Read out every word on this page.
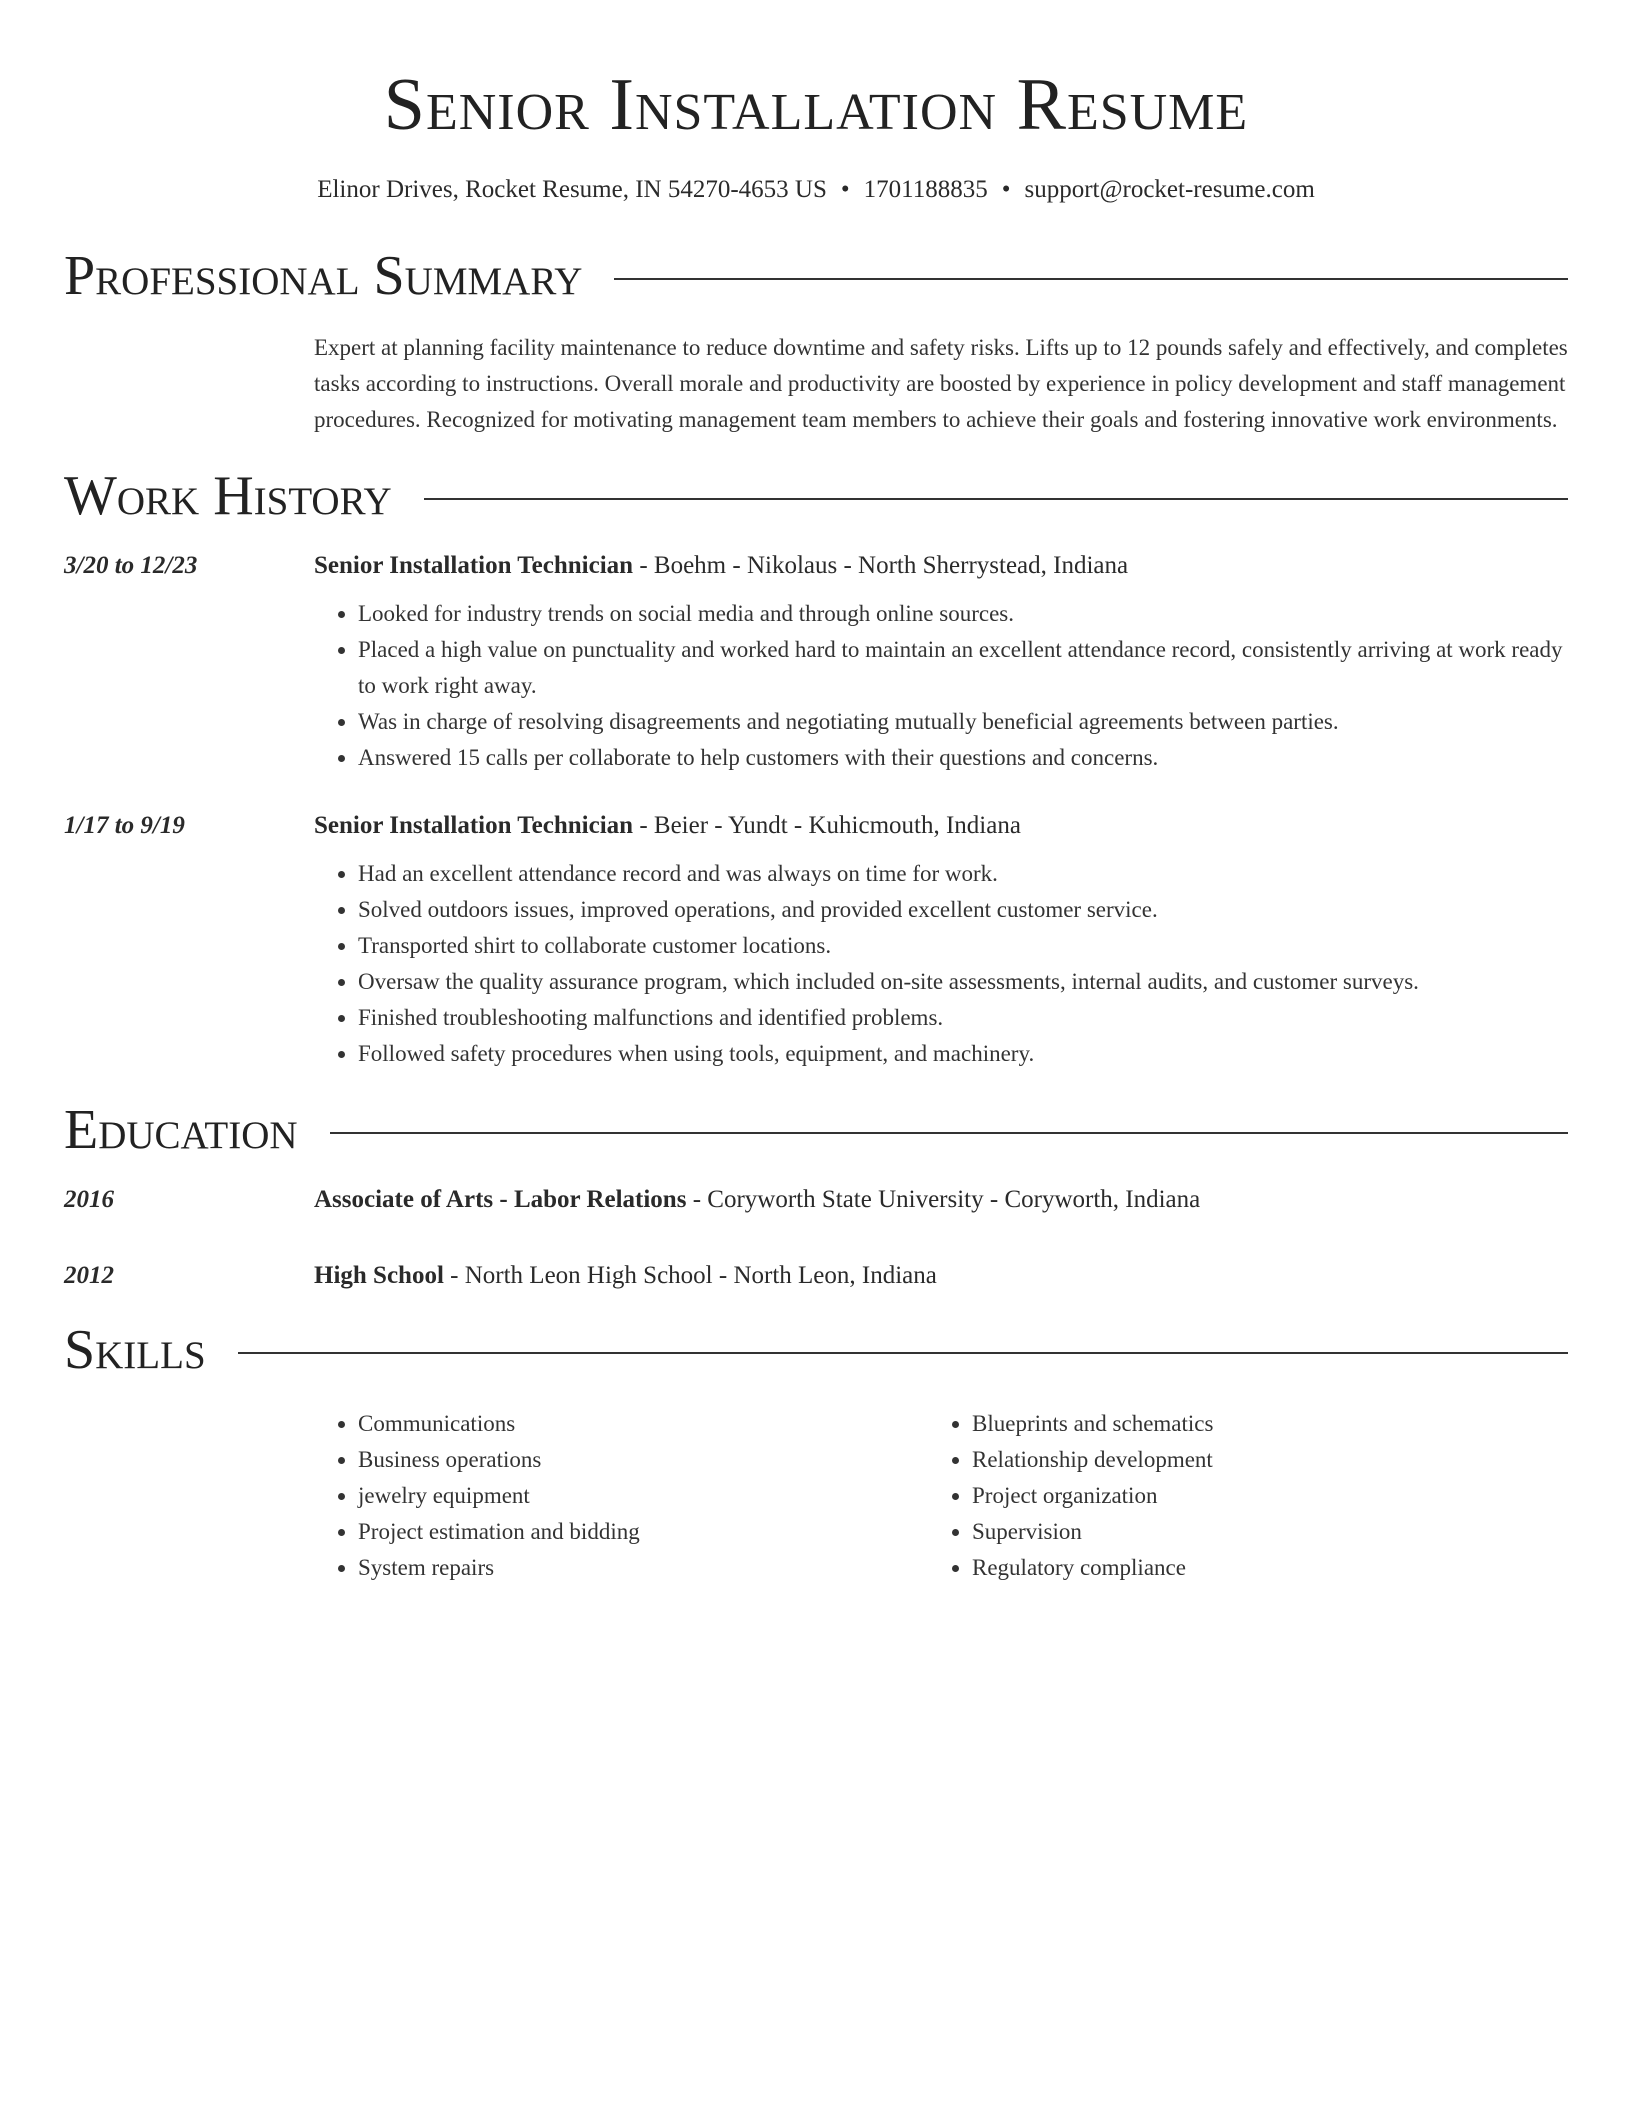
Senior Installation Resume
Elinor Drives, Rocket Resume, IN 54270-4653 US • 1701188835 • support@rocket-resume.com
Professional Summary
Expert at planning facility maintenance to reduce downtime and safety risks. Lifts up to 12 pounds safely and effectively, and completes tasks according to instructions. Overall morale and productivity are boosted by experience in policy development and staff management procedures. Recognized for motivating management team members to achieve their goals and fostering innovative work environments.
Work History
3/20 to 12/23	Senior Installation Technician - Boehm - Nikolaus - North Sherrystead, Indiana
• Looked for industry trends on social media and through online sources.
• Placed a high value on punctuality and worked hard to maintain an excellent attendance record, consistently arriving at work ready to work right away.
• Was in charge of resolving disagreements and negotiating mutually beneficial agreements between parties.
• Answered 15 calls per collaborate to help customers with their questions and concerns.
1/17 to 9/19	Senior Installation Technician - Beier - Yundt - Kuhicmouth, Indiana
• Had an excellent attendance record and was always on time for work.
• Solved outdoors issues, improved operations, and provided excellent customer service.
• Transported shirt to collaborate customer locations.
• Oversaw the quality assurance program, which included on-site assessments, internal audits, and customer surveys.
• Finished troubleshooting malfunctions and identified problems.
• Followed safety procedures when using tools, equipment, and machinery.
Education
2016	Associate of Arts - Labor Relations - Coryworth State University - Coryworth, Indiana
2012	High School - North Leon High School - North Leon, Indiana
Skills
• Communications
• Business operations
• jewelry equipment
• Project estimation and bidding
• System repairs
• Blueprints and schematics
• Relationship development
• Project organization
• Supervision
• Regulatory compliance
